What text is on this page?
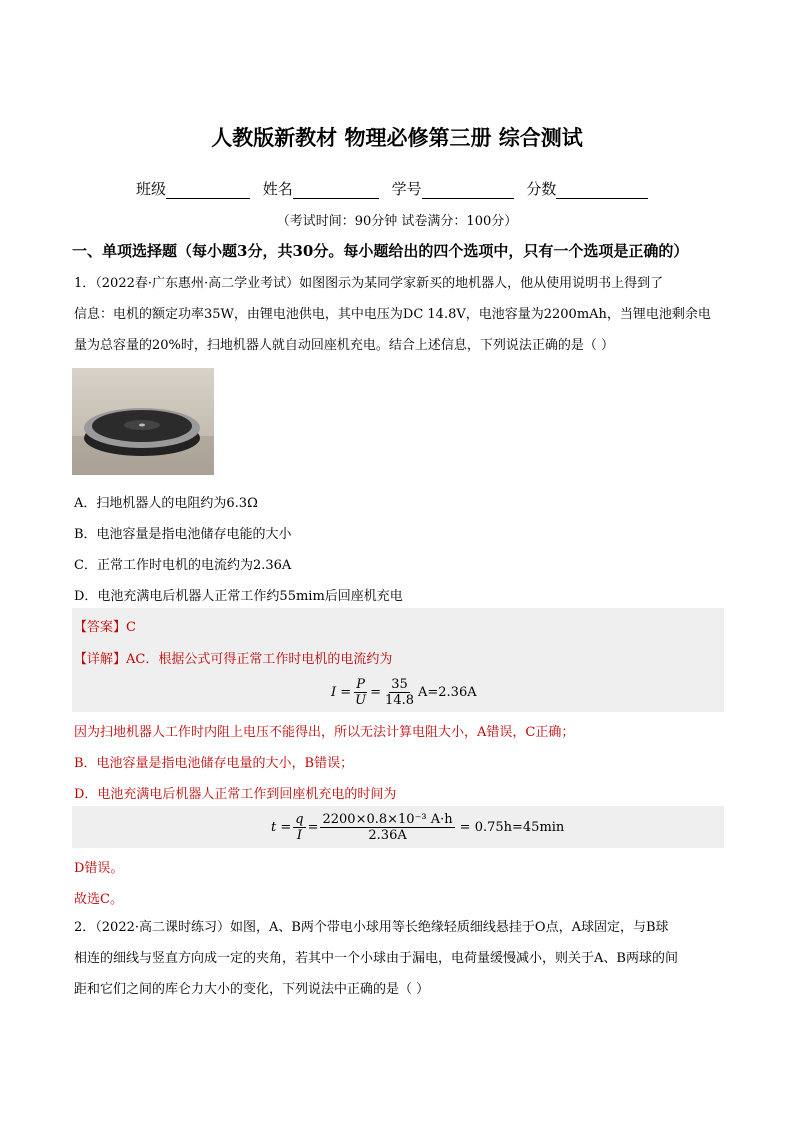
人教版新教材 物理必修第三册 综合测试
班级	姓名	学号	分数
（考试时间：90分钟 试卷满分：100分）
一、单项选择题（每小题3分，共30分。每小题给出的四个选项中，只有一个选项是正确的）
1．（2022春·广东惠州·高二学业考试）如图图示为某同学家新买的地机器人，他从使用说明书上得到了
信息：电机的额定功率35W，由锂电池供电，其中电压为DC 14.8V，电池容量为2200mAh，当锂电池剩余电
量为总容量的20%时，扫地机器人就自动回座机充电。结合上述信息，下列说法正确的是（ ）
A．扫地机器人的电阻约为6.3Ω
B．电池容量是指电池储存电能的大小
C．正常工作时电机的电流约为2.36A
D．电池充满电后机器人正常工作约55mim后回座机充电
【答案】C
【详解】AC．根据公式可得正常工作时电机的电流约为
$I = \frac{P}{U} = \frac{35}{14.8} A=2.36A$
因为扫地机器人工作时内阻上电压不能得出，所以无法计算电阻大小，A错误，C正确；
B．电池容量是指电池储存电量的大小，B错误；
D．电池充满电后机器人正常工作到回座机充电的时间为
$t = \frac{q}{I} = \frac{\text{2200×0.8×10⁻³ A·h}}{2.36A} = 0.75h=45\min$
D错误。
故选C。
2．（2022·高二课时练习）如图，A、B两个带电小球用等长绝缘轻质细线悬挂于O点，A球固定，与B球
相连的细线与竖直方向成一定的夹角，若其中一个小球由于漏电，电荷量缓慢减小，则关于A、B两球的间
距和它们之间的库仑力大小的变化，下列说法中正确的是（ ）
